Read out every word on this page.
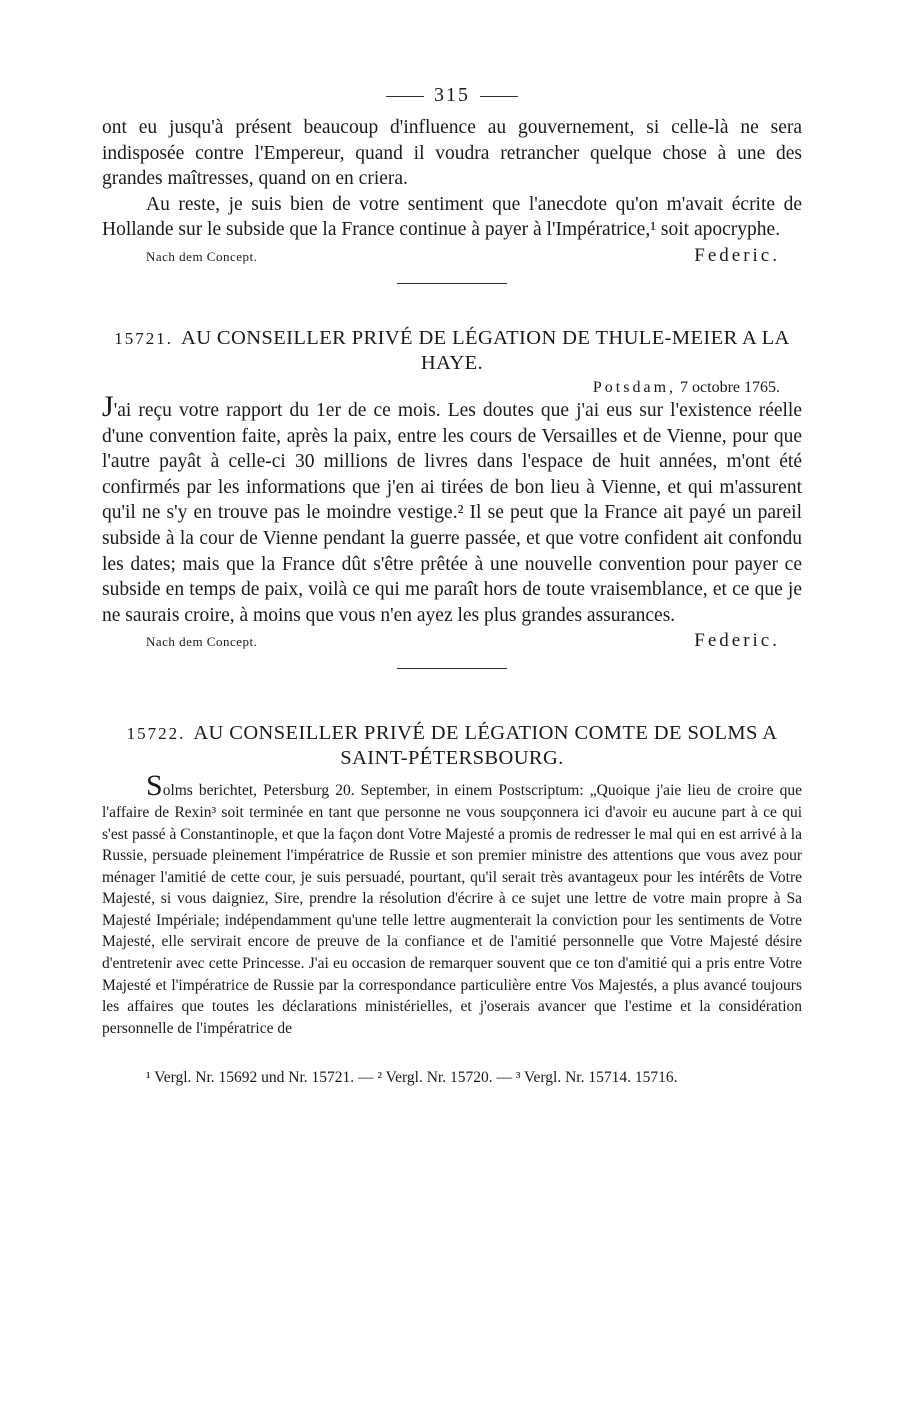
315

ont eu jusqu'à présent beaucoup d'influence au gouvernement, si celle-là ne sera indisposée contre l'Empereur, quand il voudra retrancher quelque chose à une des grandes maîtresses, quand on en criera.

Au reste, je suis bien de votre sentiment que l'anecdote qu'on m'avait écrite de Hollande sur le subside que la France continue à payer à l'Impératrice,¹ soit apocryphe.

Nach dem Concept.	Federic.
15721. AU CONSEILLER PRIVÉ DE LÉGATION DE THULE-MEIER A LA HAYE.
Potsdam, 7 octobre 1765.

J'ai reçu votre rapport du 1er de ce mois. Les doutes que j'ai eus sur l'existence réelle d'une convention faite, après la paix, entre les cours de Versailles et de Vienne, pour que l'autre payât à celle-ci 30 millions de livres dans l'espace de huit années, m'ont été confirmés par les informations que j'en ai tirées de bon lieu à Vienne, et qui m'assurent qu'il ne s'y en trouve pas le moindre vestige.² Il se peut que la France ait payé un pareil subside à la cour de Vienne pendant la guerre passée, et que votre confident ait confondu les dates; mais que la France dût s'être prêtée à une nouvelle convention pour payer ce subside en temps de paix, voilà ce qui me paraît hors de toute vraisemblance, et ce que je ne saurais croire, à moins que vous n'en ayez les plus grandes assurances.

Nach dem Concept.	Federic.
15722. AU CONSEILLER PRIVÉ DE LÉGATION COMTE DE SOLMS A SAINT-PÉTERSBOURG.

Solms berichtet, Petersburg 20. September, in einem Postscriptum: „Quoique j'aie lieu de croire que l'affaire de Rexin³ soit terminée en tant que personne ne vous soupçonnera ici d'avoir eu aucune part à ce qui s'est passé à Constantinople, et que la façon dont Votre Majesté a promis de redresser le mal qui en est arrivé à la Russie, persuade pleinement l'impératrice de Russie et son premier ministre des attentions que vous avez pour ménager l'amitié de cette cour, je suis persuadé, pourtant, qu'il serait très avantageux pour les intérêts de Votre Majesté, si vous daigniez, Sire, prendre la résolution d'écrire à ce sujet une lettre de votre main propre à Sa Majesté Impériale; indépendamment qu'une telle lettre augmenterait la conviction pour les sentiments de Votre Majesté, elle servirait encore de preuve de la confiance et de l'amitié personnelle que Votre Majesté désire d'entretenir avec cette Princesse. J'ai eu occasion de remarquer souvent que ce ton d'amitié qui a pris entre Votre Majesté et l'impératrice de Russie par la correspondance particulière entre Vos Majestés, a plus avancé toujours les affaires que toutes les déclarations ministérielles, et j'oserais avancer que l'estime et la considération personnelle de l'impératrice de

¹ Vergl. Nr. 15692 und Nr. 15721. — ² Vergl. Nr. 15720. — ³ Vergl. Nr. 15714. 15716.
